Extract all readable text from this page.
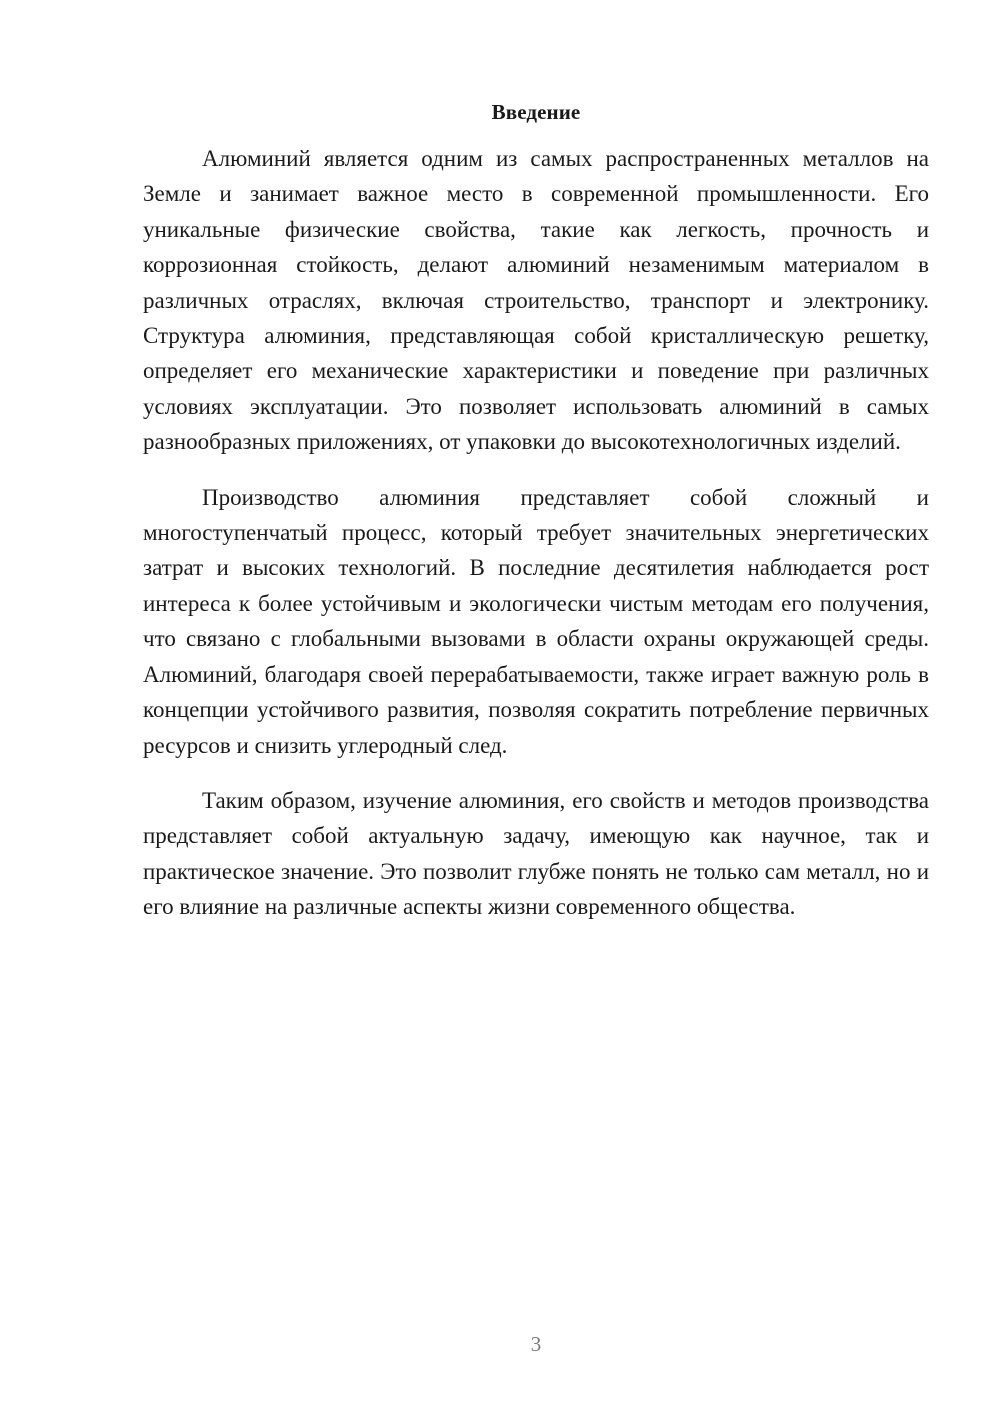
Введение

Алюминий является одним из самых распространенных металлов на Земле и занимает важное место в современной промышленности. Его уникальные физические свойства, такие как легкость, прочность и коррозионная стойкость, делают алюминий незаменимым материалом в различных отраслях, включая строительство, транспорт и электронику. Структура алюминия, представляющая собой кристаллическую решетку, определяет его механические характеристики и поведение при различных условиях эксплуатации. Это позволяет использовать алюминий в самых разнообразных приложениях, от упаковки до высокотехнологичных изделий.

Производство алюминия представляет собой сложный и многоступенчатый процесс, который требует значительных энергетических затрат и высоких технологий. В последние десятилетия наблюдается рост интереса к более устойчивым и экологически чистым методам его получения, что связано с глобальными вызовами в области охраны окружающей среды. Алюминий, благодаря своей перерабатываемости, также играет важную роль в концепции устойчивого развития, позволяя сократить потребление первичных ресурсов и снизить углеродный след.

Таким образом, изучение алюминия, его свойств и методов производства представляет собой актуальную задачу, имеющую как научное, так и практическое значение. Это позволит глубже понять не только сам металл, но и его влияние на различные аспекты жизни современного общества.

3
